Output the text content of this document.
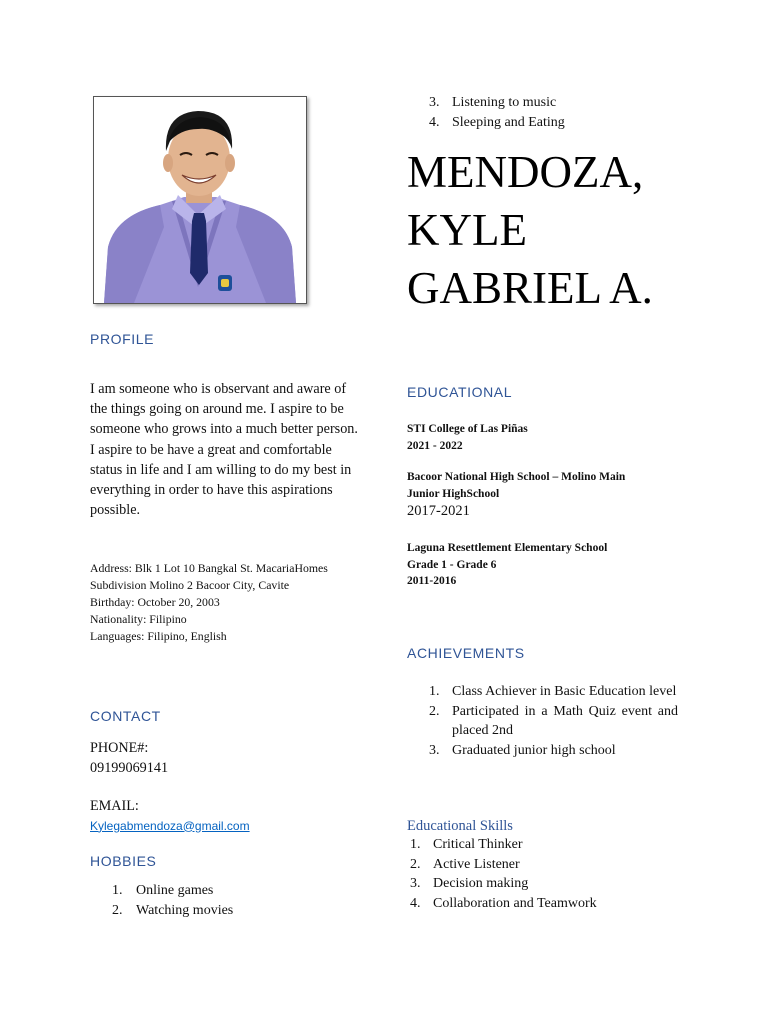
PROFILE

I am someone who is observant and aware of the things going on around me. I aspire to be someone who grows into a much better person. I aspire to be have a great and comfortable status in life and I am willing to do my best in everything in order to have this aspirations possible.

Address: Blk 1 Lot 10 Bangkal St. MacariaHomes Subdivision Molino 2 Bacoor City, Cavite

Birthday: October 20, 2003

Nationality: Filipino

Languages: Filipino, English

CONTACT

PHONE#:

09199069141

EMAIL:

Kylegabmendoza@gmail.com

HOBBIES
1. Online games
2. Watching movies
3. Listening to music
4. Sleeping and Eating
MENDOZA,
KYLE
GABRIEL A.
EDUCATIONAL

STI College of Las Piñas

2021 - 2022

Bacoor National High School – Molino Main

Junior HighSchool

2017-2021

Laguna Resettlement Elementary School

Grade 1 - Grade 6

2011-2016

ACHIEVEMENTS
1. Class Achiever in Basic Education level
2. Participated in a Math Quiz event and placed 2nd
3. Graduated junior high school
Educational Skills
1. Critical Thinker
2. Active Listener
3. Decision making
4. Collaboration and Teamwork
